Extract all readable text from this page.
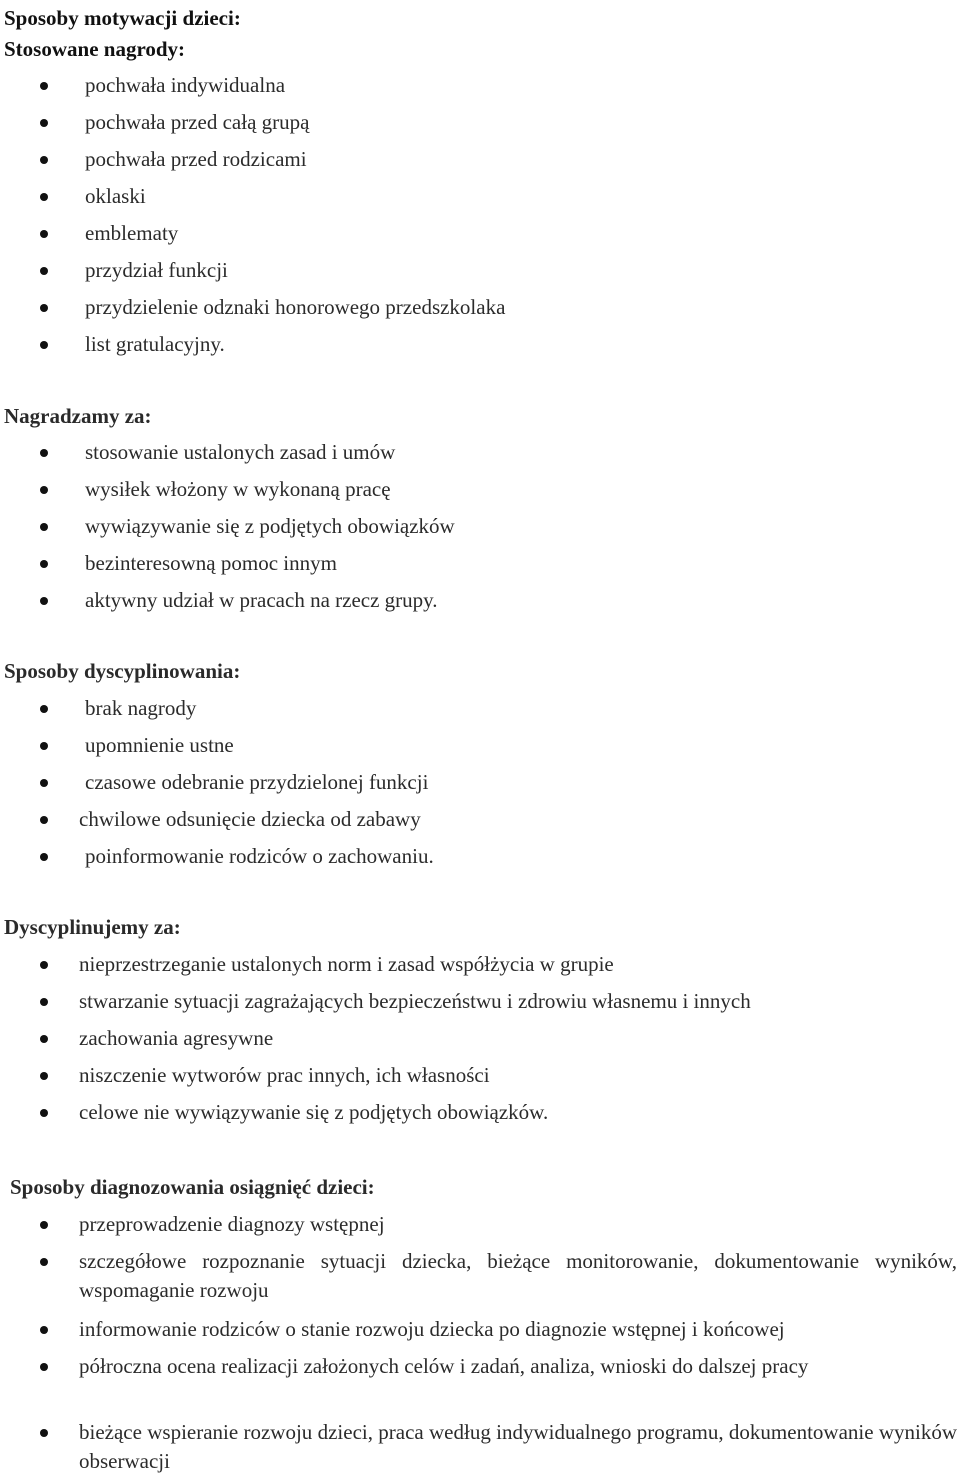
Sposoby motywacji dzieci:
Stosowane nagrody:
pochwała indywidualna
pochwała przed całą grupą
pochwała przed rodzicami
oklaski
emblematy
przydział funkcji
przydzielenie odznaki honorowego przedszkolaka
list gratulacyjny.
Nagradzamy za:
stosowanie ustalonych zasad i umów
wysiłek włożony w wykonaną pracę
wywiązywanie się z podjętych obowiązków
bezinteresowną pomoc innym
aktywny udział w pracach na rzecz grupy.
Sposoby dyscyplinowania:
brak nagrody
upomnienie ustne
czasowe odebranie przydzielonej funkcji
chwilowe odsunięcie dziecka od zabawy
poinformowanie rodziców o zachowaniu.
Dyscyplinujemy za:
nieprzestrzeganie ustalonych norm i zasad współżycia w grupie
stwarzanie sytuacji zagrażających bezpieczeństwu i zdrowiu własnemu i innych
zachowania agresywne
niszczenie wytworów prac innych, ich własności
celowe nie wywiązywanie się z podjętych obowiązków.
Sposoby diagnozowania osiągnięć dzieci:
przeprowadzenie diagnozy wstępnej
szczegółowe rozpoznanie sytuacji dziecka, bieżące monitorowanie, dokumentowanie wyników, wspomaganie rozwoju
informowanie rodziców o stanie rozwoju dziecka po diagnozie wstępnej i końcowej
półroczna ocena realizacji założonych celów i zadań, analiza, wnioski do dalszej pracy
bieżące wspieranie rozwoju dzieci, praca według indywidualnego programu, dokumentowanie wyników obserwacji
